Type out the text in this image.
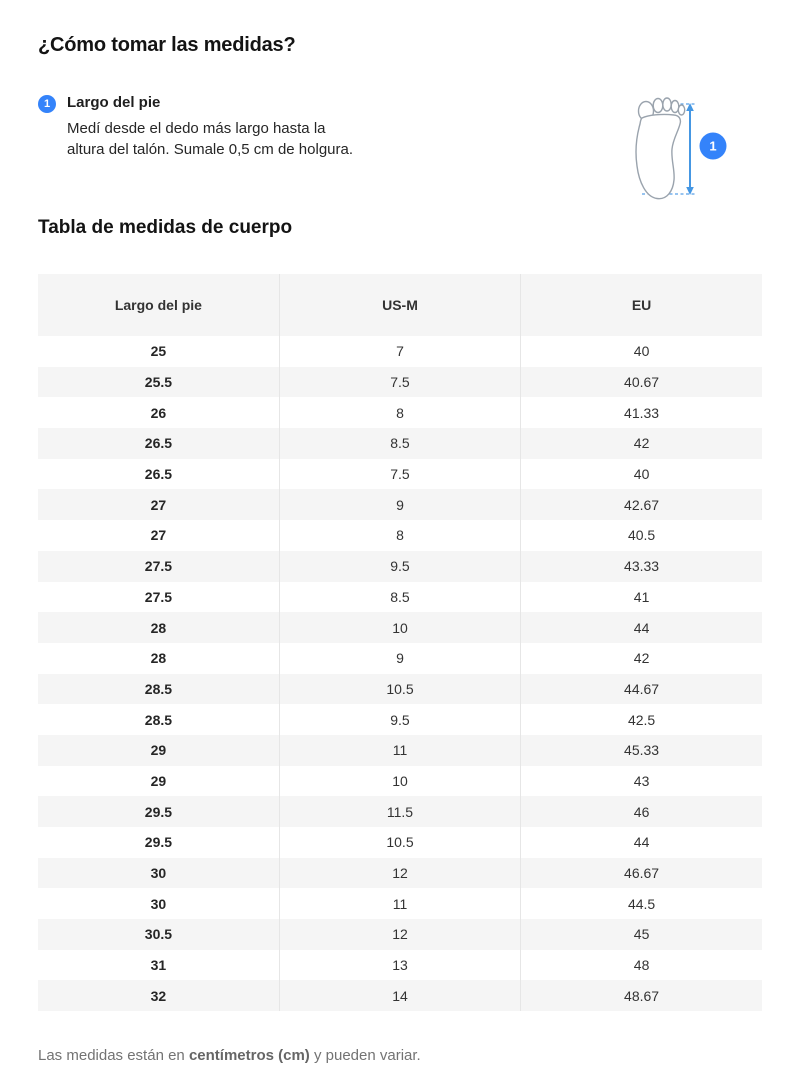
¿Cómo tomar las medidas?
1	Largo del pie
Medí desde el dedo más largo hasta la
altura del talón. Sumale 0,5 cm de holgura.	1
Tabla de medidas de cuerpo
Largo del pie	US-M	EU
25	7	40
25.5	7.5	40.67
26	8	41.33
26.5	8.5	42
26.5	7.5	40
27	9	42.67
27	8	40.5
27.5	9.5	43.33
27.5	8.5	41
28	10	44
28	9	42
28.5	10.5	44.67
28.5	9.5	42.5
29	11	45.33
29	10	43
29.5	11.5	46
29.5	10.5	44
30	12	46.67
30	11	44.5
30.5	12	45
31	13	48
32	14	48.67
Las medidas están en centímetros (cm) y pueden variar.
